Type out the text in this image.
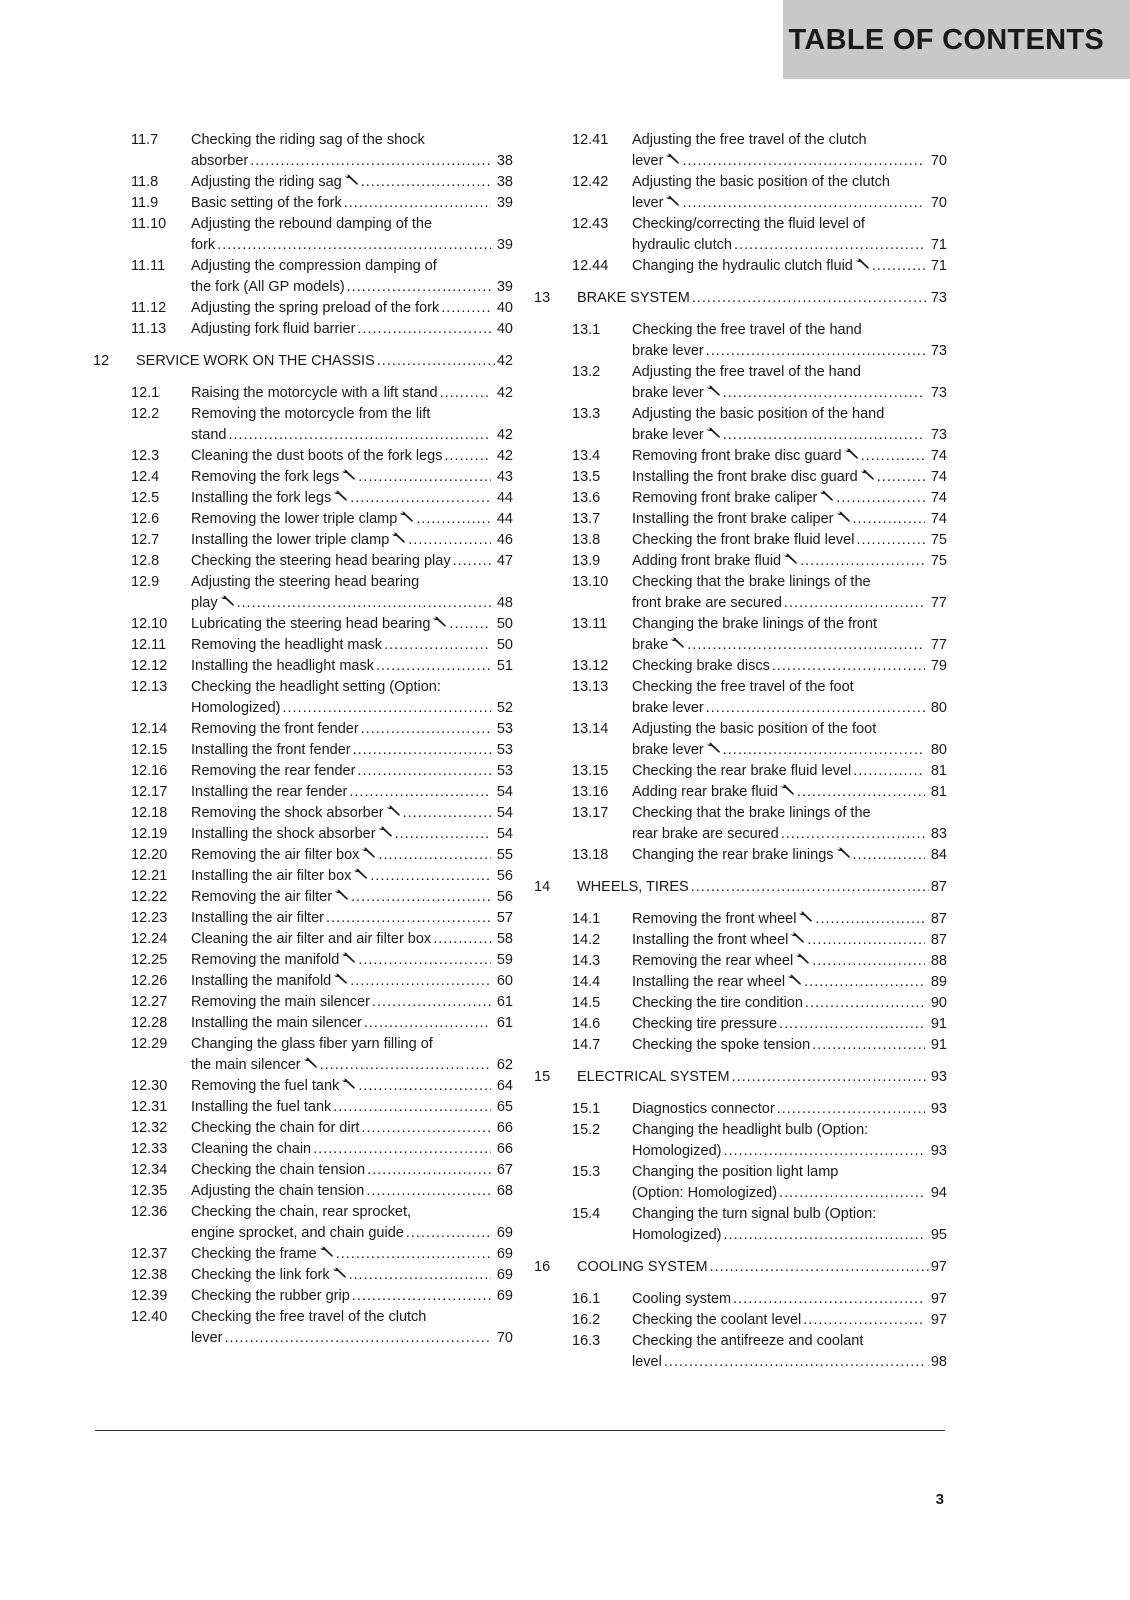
TABLE OF CONTENTS
11.7	Checking the riding sag of the shock
absorber .....	38
11.8	Adjusting the riding sag .....	38
11.9	Basic setting of the fork .....	39
11.10	Adjusting the rebound damping of the
fork .....	39
11.11	Adjusting the compression damping of
the fork (All GP models) .....	39
11.12	Adjusting the spring preload of the fork .....	40
11.13	Adjusting fork fluid barrier .....	40
12	SERVICE WORK ON THE CHASSIS .....	42
12.1	Raising the motorcycle with a lift stand .....	42
12.2	Removing the motorcycle from the lift
stand .....	42
12.3	Cleaning the dust boots of the fork legs .....	42
12.4	Removing the fork legs .....	43
12.5	Installing the fork legs .....	44
12.6	Removing the lower triple clamp .....	44
12.7	Installing the lower triple clamp .....	46
12.8	Checking the steering head bearing play .....	47
12.9	Adjusting the steering head bearing
play .....	48
12.10	Lubricating the steering head bearing .....	50
12.11	Removing the headlight mask .....	50
12.12	Installing the headlight mask .....	51
12.13	Checking the headlight setting (Option:
Homologized) .....	52
12.14	Removing the front fender .....	53
12.15	Installing the front fender .....	53
12.16	Removing the rear fender .....	53
12.17	Installing the rear fender .....	54
12.18	Removing the shock absorber .....	54
12.19	Installing the shock absorber .....	54
12.20	Removing the air filter box .....	55
12.21	Installing the air filter box .....	56
12.22	Removing the air filter .....	56
12.23	Installing the air filter .....	57
12.24	Cleaning the air filter and air filter box .....	58
12.25	Removing the manifold .....	59
12.26	Installing the manifold .....	60
12.27	Removing the main silencer .....	61
12.28	Installing the main silencer .....	61
12.29	Changing the glass fiber yarn filling of
the main silencer .....	62
12.30	Removing the fuel tank .....	64
12.31	Installing the fuel tank .....	65
12.32	Checking the chain for dirt .....	66
12.33	Cleaning the chain .....	66
12.34	Checking the chain tension .....	67
12.35	Adjusting the chain tension .....	68
12.36	Checking the chain, rear sprocket,
engine sprocket, and chain guide .....	69
12.37	Checking the frame .....	69
12.38	Checking the link fork .....	69
12.39	Checking the rubber grip .....	69
12.40	Checking the free travel of the clutch
lever .....	70
12.41	Adjusting the free travel of the clutch
lever .....	70
12.42	Adjusting the basic position of the clutch
lever .....	70
12.43	Checking/correcting the fluid level of
hydraulic clutch .....	71
12.44	Changing the hydraulic clutch fluid .....	71
13	BRAKE SYSTEM .....	73
13.1	Checking the free travel of the hand
brake lever .....	73
13.2	Adjusting the free travel of the hand
brake lever .....	73
13.3	Adjusting the basic position of the hand
brake lever .....	73
13.4	Removing front brake disc guard .....	74
13.5	Installing the front brake disc guard .....	74
13.6	Removing front brake caliper .....	74
13.7	Installing the front brake caliper .....	74
13.8	Checking the front brake fluid level .....	75
13.9	Adding front brake fluid .....	75
13.10	Checking that the brake linings of the
front brake are secured .....	77
13.11	Changing the brake linings of the front
brake .....	77
13.12	Checking brake discs .....	79
13.13	Checking the free travel of the foot
brake lever .....	80
13.14	Adjusting the basic position of the foot
brake lever .....	80
13.15	Checking the rear brake fluid level .....	81
13.16	Adding rear brake fluid .....	81
13.17	Checking that the brake linings of the
rear brake are secured .....	83
13.18	Changing the rear brake linings .....	84
14	WHEELS, TIRES .....	87
14.1	Removing the front wheel .....	87
14.2	Installing the front wheel .....	87
14.3	Removing the rear wheel .....	88
14.4	Installing the rear wheel .....	89
14.5	Checking the tire condition .....	90
14.6	Checking tire pressure .....	91
14.7	Checking the spoke tension .....	91
15	ELECTRICAL SYSTEM .....	93
15.1	Diagnostics connector .....	93
15.2	Changing the headlight bulb (Option:
Homologized) .....	93
15.3	Changing the position light lamp
(Option: Homologized) .....	94
15.4	Changing the turn signal bulb (Option:
Homologized) .....	95
16	COOLING SYSTEM .....	97
16.1	Cooling system .....	97
16.2	Checking the coolant level .....	97
16.3	Checking the antifreeze and coolant
level .....	98
3
